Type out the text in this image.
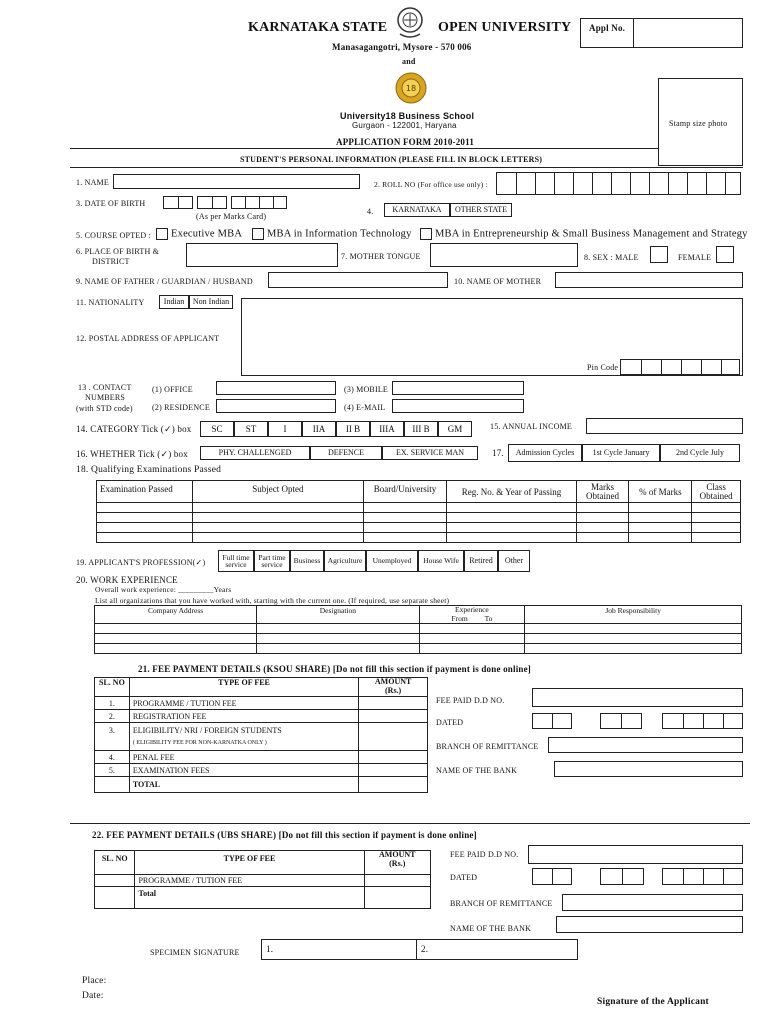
KARNATAKA STATE	OPEN UNIVERSITY
Manasagangotri, Mysore - 570 006
and
18
University18 Business School
Gurgaon - 122001, Haryana
APPLICATION FORM 2010-2011
Appl No.
Stamp size photo
STUDENT'S PERSONAL INFORMATION (PLEASE FILL IN BLOCK LETTERS)
1. NAME	2. ROLL NO (For office use only) :
3. DATE OF BIRTH
(As per Marks Card)
4.	KARNATAKA	OTHER STATE
5. COURSE OPTED :	Executive MBA	MBA in Information Technology	MBA in Entrepreneurship & Small Business Management and Strategy
6. PLACE OF BIRTH &
DISTRICT
7. MOTHER TONGUE	8. SEX : MALE	FEMALE
9. NAME OF FATHER / GUARDIAN / HUSBAND	10. NAME OF MOTHER
11. NATIONALITY	Indian	Non Indian
12. POSTAL ADDRESS OF APPLICANT
Pin Code
13 . CONTACT
NUMBERS
(with STD code)
(1) OFFICE
(2) RESIDENCE
(3) MOBILE
(4) E-MAIL
14. CATEGORY Tick (✓) box	SC	ST	I	IIA	II B	IIIA	III B	GM	15. ANNUAL INCOME
16. WHETHER Tick (✓) box	PHY. CHALLENGED	DEFENCE	EX. SERVICE MAN	17.	Admission Cycles	1st Cycle January	2nd Cycle July
18. Qualifying Examinations Passed
Examination Passed	Subject Opted	Board/University	Reg. No. & Year of Passing	Marks Obtained	% of Marks	Class Obtained

19. APPLICANT'S PROFESSION(✓)
Full time service
Part time service	Business Agriculture	Unemployed	House Wife	Retired	Other
20. WORK EXPERIENCE
Overall work experience: _________Years
List all organizations that you have worked with, starting with the current one. (If required, use separate sheet)
Company Address	Designation	Experience
From To	Job Responsibility

21. FEE PAYMENT DETAILS (KSOU SHARE) [Do not fill this section if payment is done online]
SL. NO	TYPE OF FEE	AMOUNT
(Rs.)

1.	PROGRAMME / TUTION FEE	
2.	REGISTRATION FEE	
3.	ELIGIBILITY/ NRI / FOREIGN STUDENTS
( ELIGIBILITY FEE FOR NON-KARNATKA ONLY )	

4.	PENAL FEE	
5.	EXAMINATION FEES	
	TOTAL	
FEE PAID D.D NO.
DATED
BRANCH OF REMITTANCE
NAME OF THE BANK
22. FEE PAYMENT DETAILS (UBS SHARE) [Do not fill this section if payment is done online]
SL. NO	TYPE OF FEE	AMOUNT
(Rs.)

	PROGRAMME / TUTION FEE	
	Total	
FEE PAID D.D NO.
DATED
BRANCH OF REMITTANCE
NAME OF THE BANK
SPECIMEN SIGNATURE	1.	2.
Place:
Date:
Signature of the Applicant
